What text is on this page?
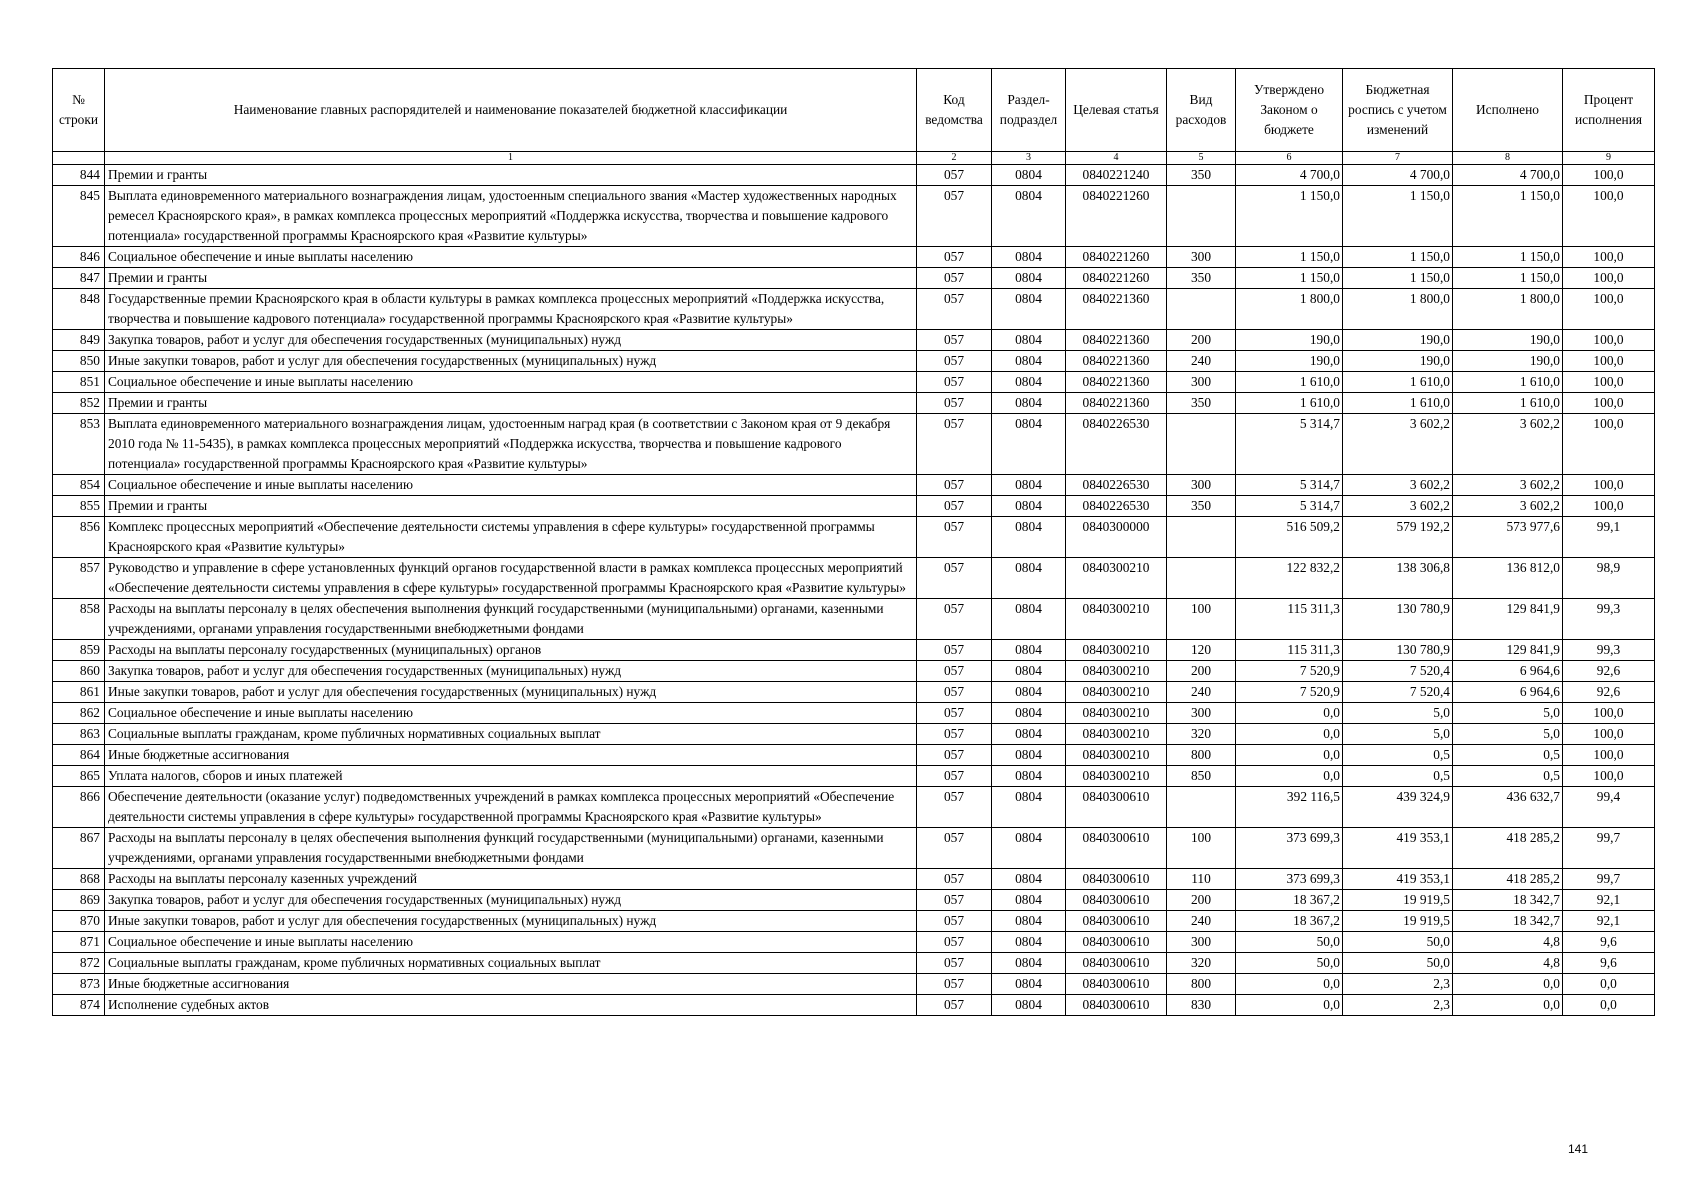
№ строки	Наименование главных распорядителей и наименование показателей бюджетной классификации	Код ведомства	Раздел-подраздел	Целевая статья	Вид расходов	Утверждено Законом о бюджете	Бюджетная роспись с учетом изменений	Исполнено	Процент исполнения
	1	2	3	4	5	6	7	8	9
844	Премии и гранты	057	0804	0840221240	350	4 700,0	4 700,0	4 700,0	100,0
845	Выплата единовременного материального вознаграждения лицам, удостоенным специального звания «Мастер художественных народных ремесел Красноярского края», в рамках комплекса процессных мероприятий «Поддержка искусства, творчества и повышение кадрового потенциала» государственной программы Красноярского края «Развитие культуры»	057	0804	0840221260		1 150,0	1 150,0	1 150,0	100,0
846	Социальное обеспечение и иные выплаты населению	057	0804	0840221260	300	1 150,0	1 150,0	1 150,0	100,0
847	Премии и гранты	057	0804	0840221260	350	1 150,0	1 150,0	1 150,0	100,0
848	Государственные премии Красноярского края в области культуры в рамках комплекса процессных мероприятий «Поддержка искусства, творчества и повышение кадрового потенциала» государственной программы Красноярского края «Развитие культуры»	057	0804	0840221360		1 800,0	1 800,0	1 800,0	100,0
849	Закупка товаров, работ и услуг для обеспечения государственных (муниципальных) нужд	057	0804	0840221360	200	190,0	190,0	190,0	100,0
850	Иные закупки товаров, работ и услуг для обеспечения государственных (муниципальных) нужд	057	0804	0840221360	240	190,0	190,0	190,0	100,0
851	Социальное обеспечение и иные выплаты населению	057	0804	0840221360	300	1 610,0	1 610,0	1 610,0	100,0
852	Премии и гранты	057	0804	0840221360	350	1 610,0	1 610,0	1 610,0	100,0
853	Выплата единовременного материального вознаграждения лицам, удостоенным наград края (в соответствии с Законом края от 9 декабря 2010 года № 11-5435), в рамках комплекса процессных мероприятий «Поддержка искусства, творчества и повышение кадрового потенциала» государственной программы Красноярского края «Развитие культуры»	057	0804	0840226530		5 314,7	3 602,2	3 602,2	100,0
854	Социальное обеспечение и иные выплаты населению	057	0804	0840226530	300	5 314,7	3 602,2	3 602,2	100,0
855	Премии и гранты	057	0804	0840226530	350	5 314,7	3 602,2	3 602,2	100,0
856	Комплекс процессных мероприятий «Обеспечение деятельности системы управления в сфере культуры» государственной программы Красноярского края «Развитие культуры»	057	0804	0840300000		516 509,2	579 192,2	573 977,6	99,1
857	Руководство и управление в сфере установленных функций органов государственной власти в рамках комплекса процессных мероприятий «Обеспечение деятельности системы управления в сфере культуры» государственной программы Красноярского края «Развитие культуры»	057	0804	0840300210		122 832,2	138 306,8	136 812,0	98,9
858	Расходы на выплаты персоналу в целях обеспечения выполнения функций государственными (муниципальными) органами, казенными учреждениями, органами управления государственными внебюджетными фондами	057	0804	0840300210	100	115 311,3	130 780,9	129 841,9	99,3
859	Расходы на выплаты персоналу государственных (муниципальных) органов	057	0804	0840300210	120	115 311,3	130 780,9	129 841,9	99,3
860	Закупка товаров, работ и услуг для обеспечения государственных (муниципальных) нужд	057	0804	0840300210	200	7 520,9	7 520,4	6 964,6	92,6
861	Иные закупки товаров, работ и услуг для обеспечения государственных (муниципальных) нужд	057	0804	0840300210	240	7 520,9	7 520,4	6 964,6	92,6
862	Социальное обеспечение и иные выплаты населению	057	0804	0840300210	300	0,0	5,0	5,0	100,0
863	Социальные выплаты гражданам, кроме публичных нормативных социальных выплат	057	0804	0840300210	320	0,0	5,0	5,0	100,0
864	Иные бюджетные ассигнования	057	0804	0840300210	800	0,0	0,5	0,5	100,0
865	Уплата налогов, сборов и иных платежей	057	0804	0840300210	850	0,0	0,5	0,5	100,0
866	Обеспечение деятельности (оказание услуг) подведомственных учреждений в рамках комплекса процессных мероприятий «Обеспечение деятельности системы управления в сфере культуры» государственной программы Красноярского края «Развитие культуры»	057	0804	0840300610		392 116,5	439 324,9	436 632,7	99,4
867	Расходы на выплаты персоналу в целях обеспечения выполнения функций государственными (муниципальными) органами, казенными учреждениями, органами управления государственными внебюджетными фондами	057	0804	0840300610	100	373 699,3	419 353,1	418 285,2	99,7
868	Расходы на выплаты персоналу казенных учреждений	057	0804	0840300610	110	373 699,3	419 353,1	418 285,2	99,7
869	Закупка товаров, работ и услуг для обеспечения государственных (муниципальных) нужд	057	0804	0840300610	200	18 367,2	19 919,5	18 342,7	92,1
870	Иные закупки товаров, работ и услуг для обеспечения государственных (муниципальных) нужд	057	0804	0840300610	240	18 367,2	19 919,5	18 342,7	92,1
871	Социальное обеспечение и иные выплаты населению	057	0804	0840300610	300	50,0	50,0	4,8	9,6
872	Социальные выплаты гражданам, кроме публичных нормативных социальных выплат	057	0804	0840300610	320	50,0	50,0	4,8	9,6
873	Иные бюджетные ассигнования	057	0804	0840300610	800	0,0	2,3	0,0	0,0
874	Исполнение судебных актов	057	0804	0840300610	830	0,0	2,3	0,0	0,0
141
